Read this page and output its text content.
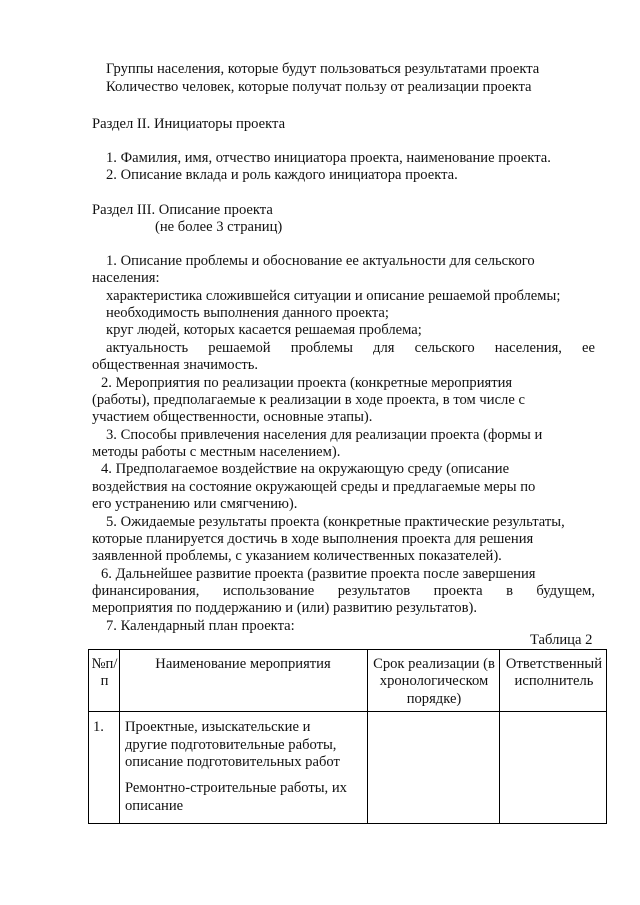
Группы населения, которые будут пользоваться результатами проекта
Количество человек, которые получат пользу от реализации проекта
Раздел II. Инициаторы проекта
1. Фамилия, имя, отчество инициатора проекта, наименование проекта.
2. Описание вклада и роль каждого инициатора проекта.
Раздел III. Описание проекта
(не более 3 страниц)
1. Описание проблемы и обоснование ее актуальности для сельского
населения:
характеристика сложившейся ситуации и описание решаемой проблемы;
необходимость выполнения данного проекта;
круг людей, которых касается решаемая проблема;
актуальность решаемой проблемы для сельского населения, ее
общественная значимость.
2. Мероприятия по реализации проекта (конкретные мероприятия
(работы), предполагаемые к реализации в ходе проекта, в том числе с
участием общественности, основные этапы).
3. Способы привлечения населения для реализации проекта (формы и
методы работы с местным населением).
4. Предполагаемое воздействие на окружающую среду (описание
воздействия на состояние окружающей среды и предлагаемые меры по
его устранению или смягчению).
5. Ожидаемые результаты проекта (конкретные практические результаты,
которые планируется достичь в ходе выполнения проекта для решения
заявленной проблемы, с указанием количественных показателей).
6. Дальнейшее развитие проекта (развитие проекта после завершения
финансирования, использование результатов проекта в будущем,
мероприятия по поддержанию и (или) развитию результатов).
7. Календарный план проекта:
Таблица 2
№п/ п
Наименование мероприятия	Срок реализации (в хронологическом порядке)
Ответственный исполнитель
1. Проектные, изыскательские и
другие подготовительные работы,
описание подготовительных работ
Ремонтно-строительные работы, их
описание
